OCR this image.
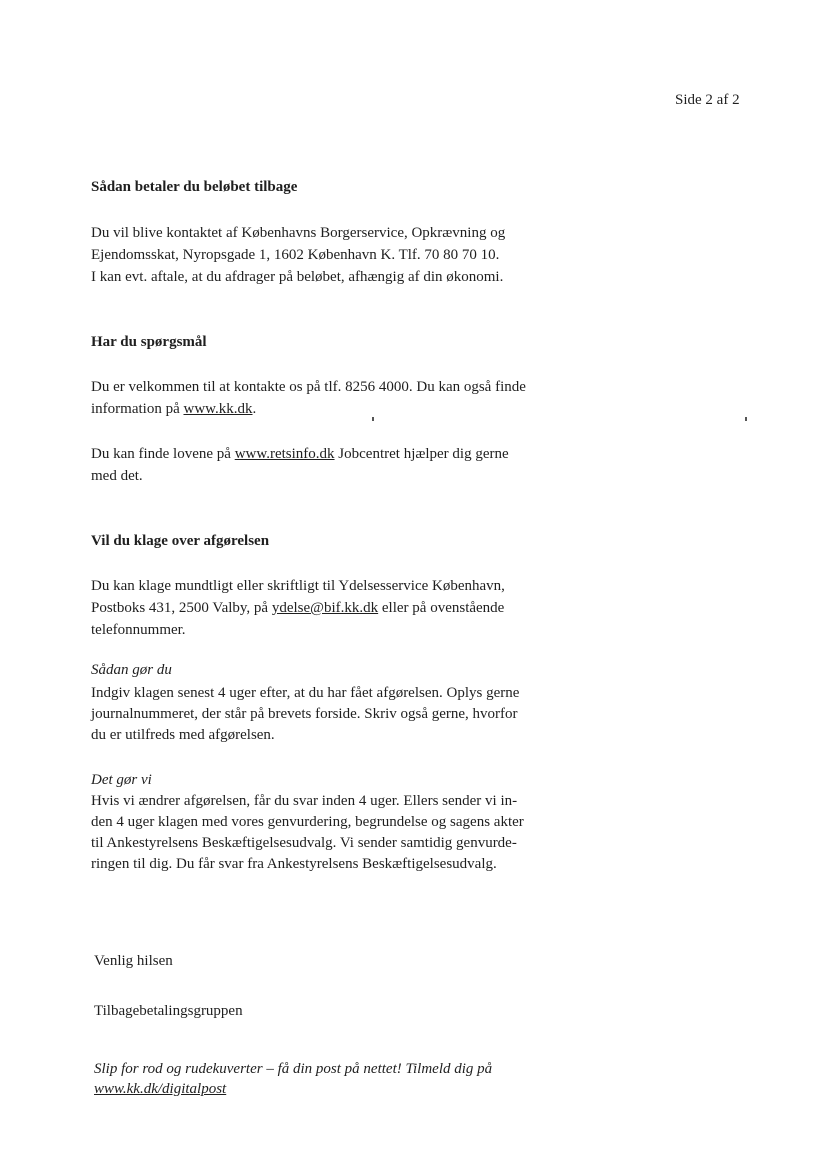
Side 2 af 2
Sådan betaler du beløbet tilbage
Du vil blive kontaktet af Københavns Borgerservice, Opkrævning og
Ejendomsskat, Nyropsgade 1, 1602 København K. Tlf. 70 80 70 10.
I kan evt. aftale, at du afdrager på beløbet, afhængig af din økonomi.
Har du spørgsmål
Du er velkommen til at kontakte os på tlf. 8256 4000. Du kan også finde
information på www.kk.dk.
Du kan finde lovene på www.retsinfo.dk Jobcentret hjælper dig gerne
med det.
Vil du klage over afgørelsen
Du kan klage mundtligt eller skriftligt til Ydelsesservice København,
Postboks 431, 2500 Valby, på ydelse@bif.kk.dk eller på ovenstående
telefonnummer.
Sådan gør du
Indgiv klagen senest 4 uger efter, at du har fået afgørelsen. Oplys gerne
journalnummeret, der står på brevets forside. Skriv også gerne, hvorfor
du er utilfreds med afgørelsen.
Det gør vi
Hvis vi ændrer afgørelsen, får du svar inden 4 uger. Ellers sender vi in-
den 4 uger klagen med vores genvurdering, begrundelse og sagens akter
til Ankestyrelsens Beskæftigelsesudvalg. Vi sender samtidig genvurde-
ringen til dig. Du får svar fra Ankestyrelsens Beskæftigelsesudvalg.
Venlig hilsen
Tilbagebetalingsgruppen
Slip for rod og rudekuverter – få din post på nettet! Tilmeld dig på
www.kk.dk/digitalpost
